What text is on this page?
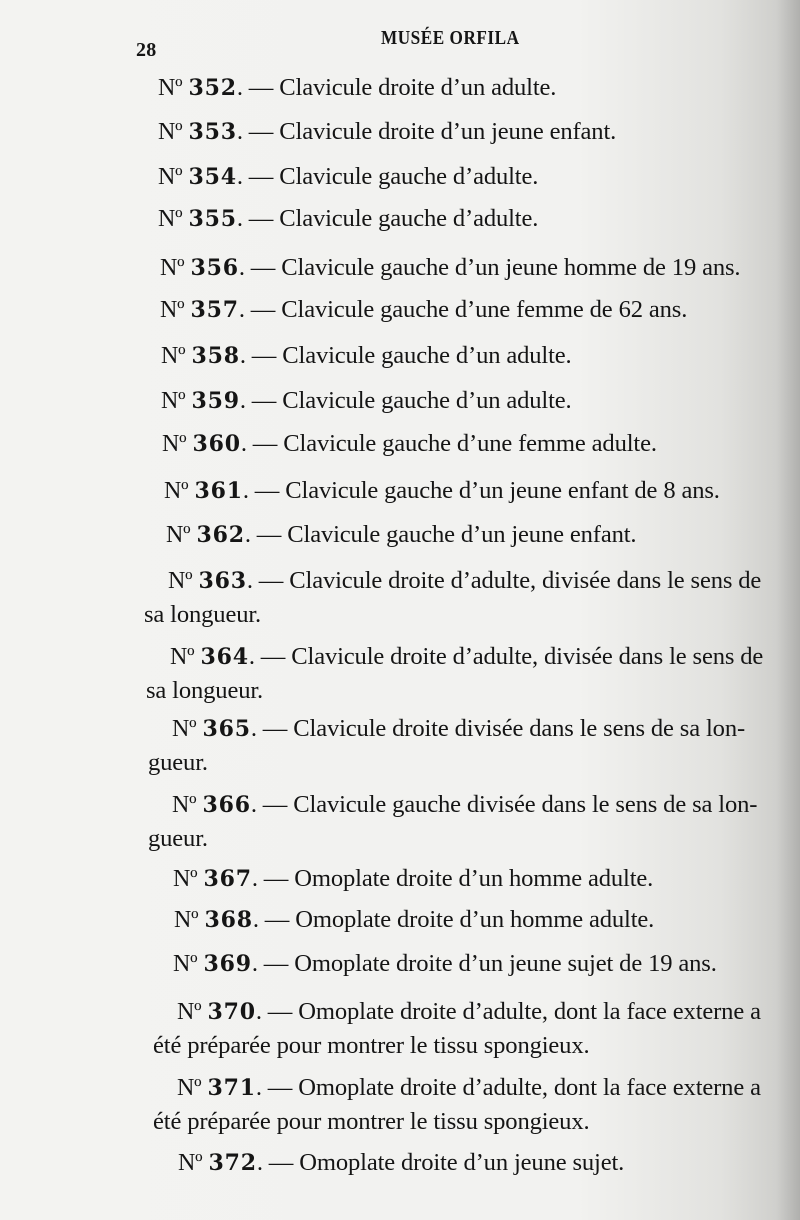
28
MUSÉE ORFILA
Nº 352. — Clavicule droite d’un adulte.
Nº 353. — Clavicule droite d’un jeune enfant.
Nº 354. — Clavicule gauche d’adulte.
Nº 355. — Clavicule gauche d’adulte.
Nº 356. — Clavicule gauche d’un jeune homme de 19 ans.
Nº 357. — Clavicule gauche d’une femme de 62 ans.
Nº 358. — Clavicule gauche d’un adulte.
Nº 359. — Clavicule gauche d’un adulte.
Nº 360. — Clavicule gauche d’une femme adulte.
Nº 361. — Clavicule gauche d’un jeune enfant de 8 ans.
Nº 362. — Clavicule gauche d’un jeune enfant.
Nº 363. — Clavicule droite d’adulte, divisée dans le sens de
sa longueur.
Nº 364. — Clavicule droite d’adulte, divisée dans le sens de
sa longueur.
Nº 365. — Clavicule droite divisée dans le sens de sa lon-
gueur.
Nº 366. — Clavicule gauche divisée dans le sens de sa lon-
gueur.
Nº 367. — Omoplate droite d’un homme adulte.
Nº 368. — Omoplate droite d’un homme adulte.
Nº 369. — Omoplate droite d’un jeune sujet de 19 ans.
Nº 370. — Omoplate droite d’adulte, dont la face externe a
été préparée pour montrer le tissu spongieux.
Nº 371. — Omoplate droite d’adulte, dont la face externe a
été préparée pour montrer le tissu spongieux.
Nº 372. — Omoplate droite d’un jeune sujet.
